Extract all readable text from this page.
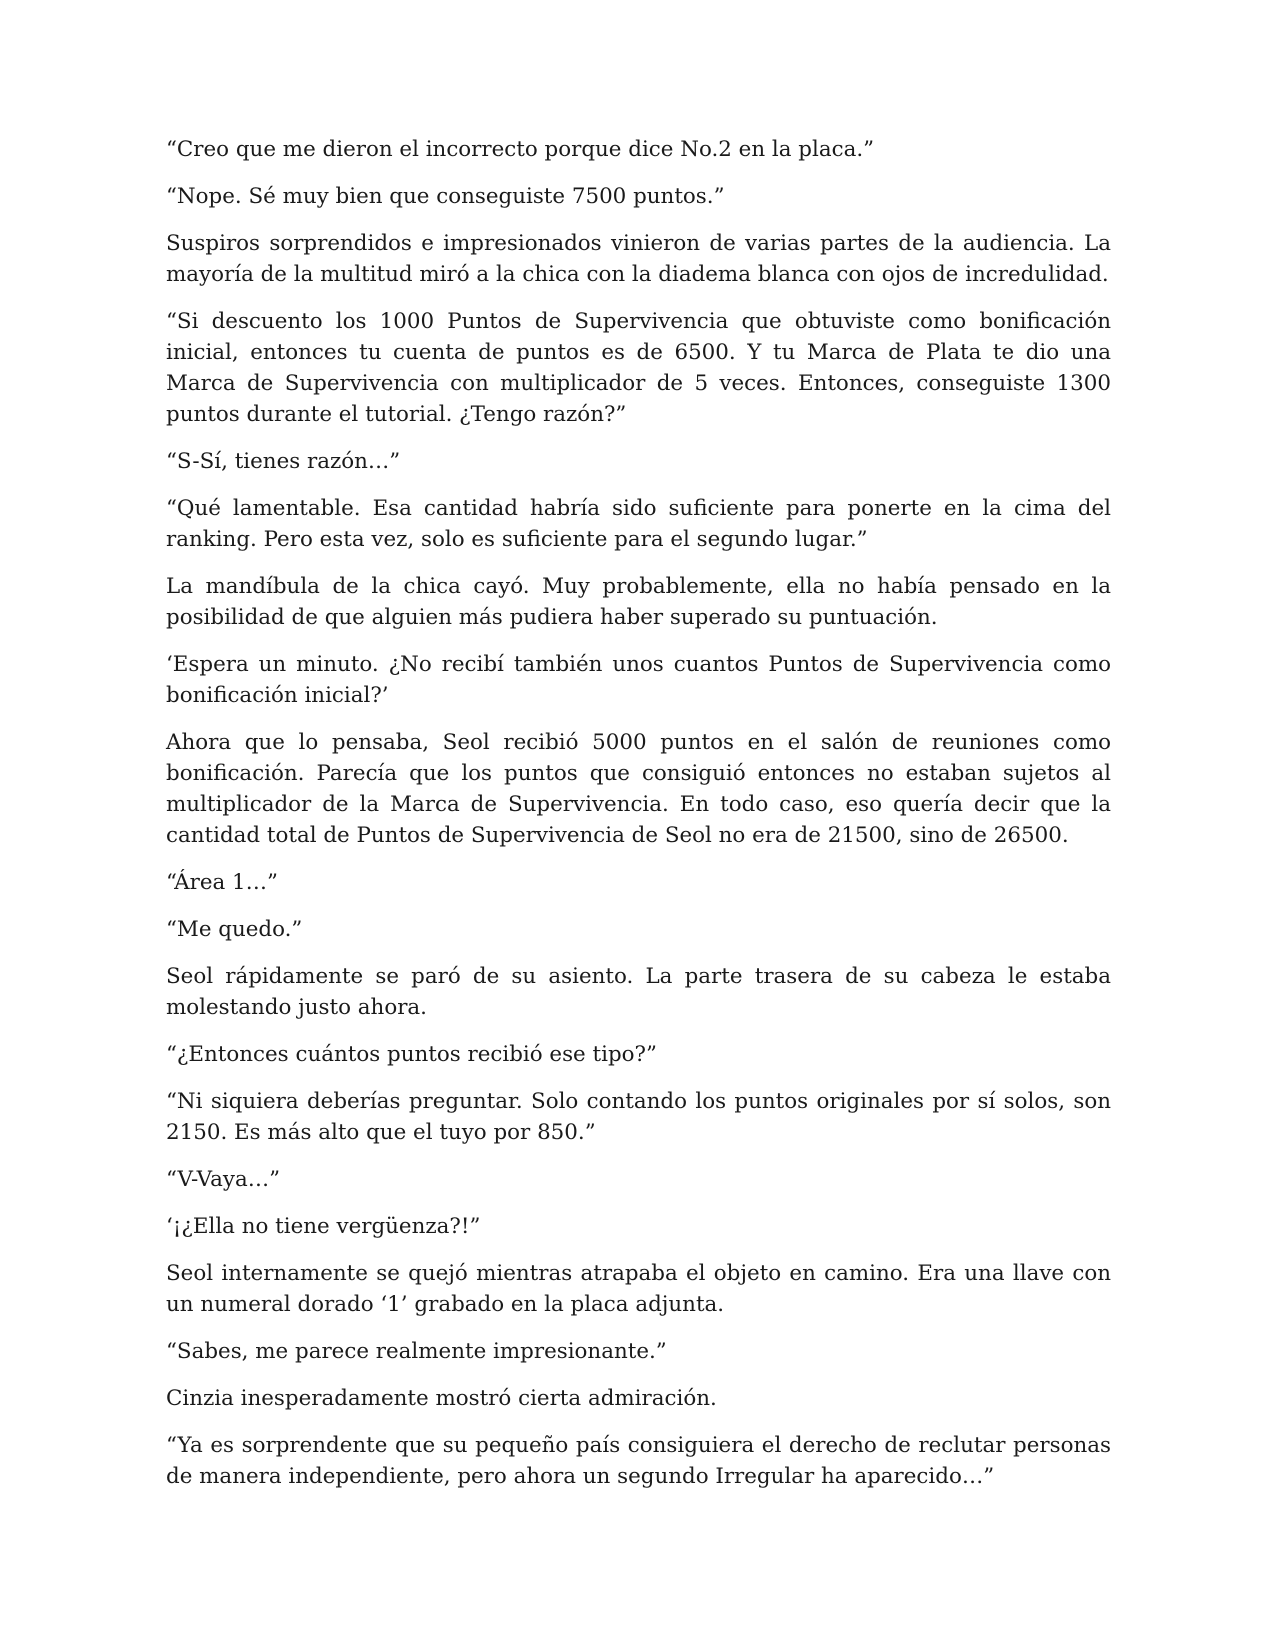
“Creo que me dieron el incorrecto porque dice No.2 en la placa.”

“Nope. Sé muy bien que conseguiste 7500 puntos.”

Suspiros sorprendidos e impresionados vinieron de varias partes de la audiencia. La mayoría de la multitud miró a la chica con la diadema blanca con ojos de incredulidad.

“Si descuento los 1000 Puntos de Supervivencia que obtuviste como bonificación inicial, entonces tu cuenta de puntos es de 6500. Y tu Marca de Plata te dio una Marca de Supervivencia con multiplicador de 5 veces. Entonces, conseguiste 1300 puntos durante el tutorial. ¿Tengo razón?”

“S-Sí, tienes razón…”

“Qué lamentable. Esa cantidad habría sido suficiente para ponerte en la cima del ranking. Pero esta vez, solo es suficiente para el segundo lugar.”

La mandíbula de la chica cayó. Muy probablemente, ella no había pensado en la posibilidad de que alguien más pudiera haber superado su puntuación.

‘Espera un minuto. ¿No recibí también unos cuantos Puntos de Supervivencia como bonificación inicial?’

Ahora que lo pensaba, Seol recibió 5000 puntos en el salón de reuniones como bonificación. Parecía que los puntos que consiguió entonces no estaban sujetos al multiplicador de la Marca de Supervivencia. En todo caso, eso quería decir que la cantidad total de Puntos de Supervivencia de Seol no era de 21500, sino de 26500.

“Área 1…”

“Me quedo.”

Seol rápidamente se paró de su asiento. La parte trasera de su cabeza le estaba molestando justo ahora.

“¿Entonces cuántos puntos recibió ese tipo?”

“Ni siquiera deberías preguntar. Solo contando los puntos originales por sí solos, son 2150. Es más alto que el tuyo por 850.”

“V-Vaya…”

‘¡¿Ella no tiene vergüenza?!”

Seol internamente se quejó mientras atrapaba el objeto en camino. Era una llave con un numeral dorado ‘1’ grabado en la placa adjunta.

“Sabes, me parece realmente impresionante.”

Cinzia inesperadamente mostró cierta admiración.

“Ya es sorprendente que su pequeño país consiguiera el derecho de reclutar personas de manera independiente, pero ahora un segundo Irregular ha aparecido…”
